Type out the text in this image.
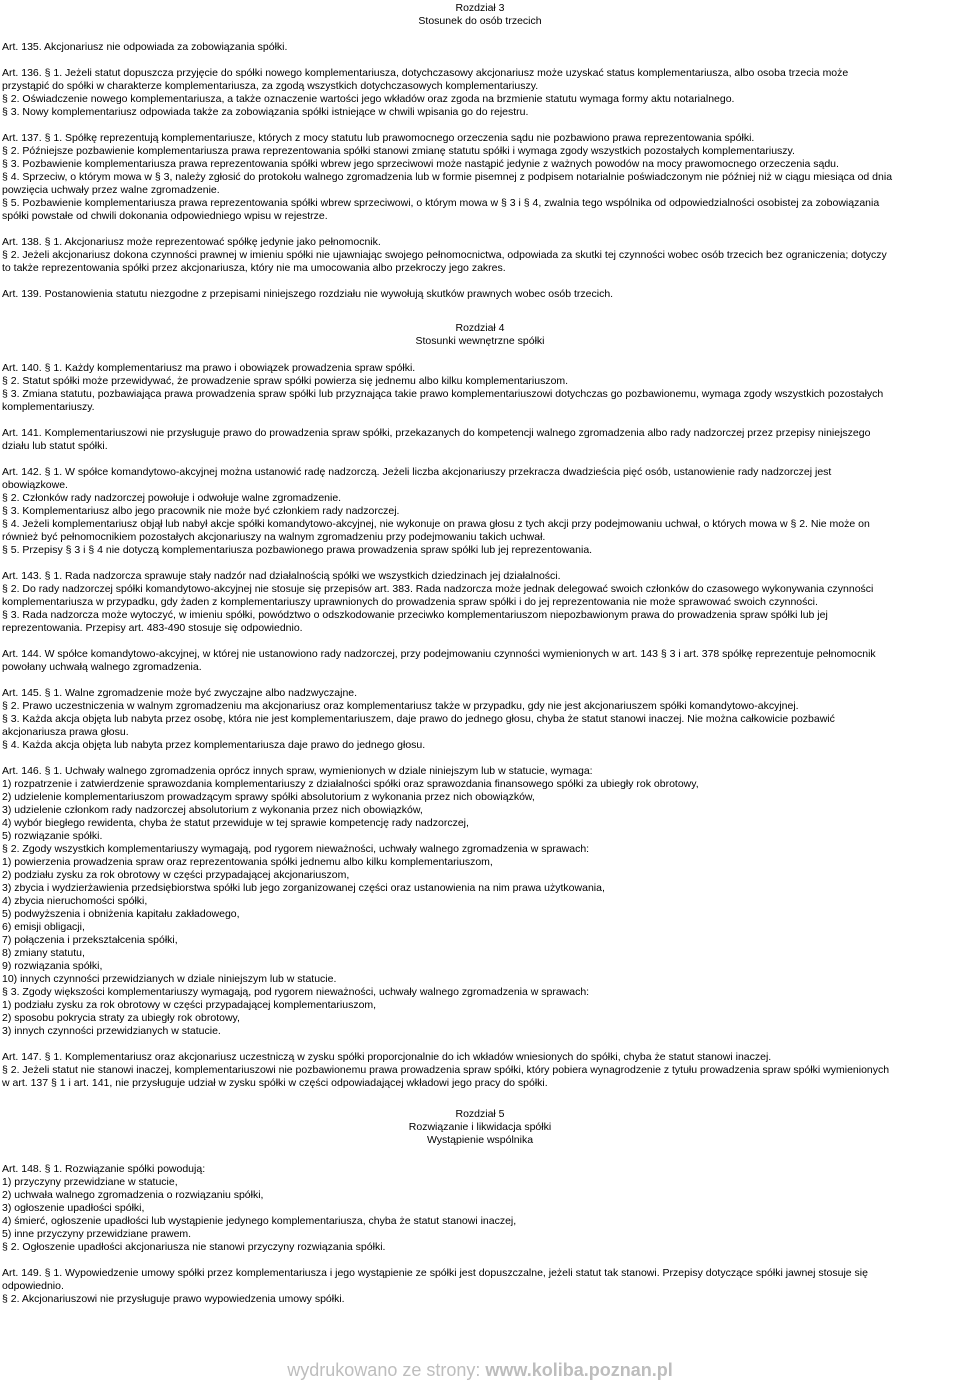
Rozdział 3
Stosunek do osób trzecich
Rozdział 4
Stosunki wewnętrzne spółki
Rozdział 5
Rozwiązanie i likwidacja spółki
Wystąpienie wspólnika
Art. 135. Akcjonariusz nie odpowiada za zobowiązania spółki.
Art. 136. § 1. Jeżeli statut dopuszcza przyjęcie do spółki nowego komplementariusza, dotychczasowy akcjonariusz może uzyskać status komplementariusza, albo osoba trzecia może
przystąpić do spółki w charakterze komplementariusza, za zgodą wszystkich dotychczasowych komplementariuszy.
§ 2. Oświadczenie nowego komplementariusza, a także oznaczenie wartości jego wkładów oraz zgoda na brzmienie statutu wymaga formy aktu notarialnego.
§ 3. Nowy komplementariusz odpowiada także za zobowiązania spółki istniejące w chwili wpisania go do rejestru.
Art. 137. § 1. Spółkę reprezentują komplementariusze, których z mocy statutu lub prawomocnego orzeczenia sądu nie pozbawiono prawa reprezentowania spółki.
§ 2. Późniejsze pozbawienie komplementariusza prawa reprezentowania spółki stanowi zmianę statutu spółki i wymaga zgody wszystkich pozostałych komplementariuszy.
§ 3. Pozbawienie komplementariusza prawa reprezentowania spółki wbrew jego sprzeciwowi może nastąpić jedynie z ważnych powodów na mocy prawomocnego orzeczenia sądu.
§ 4. Sprzeciw, o którym mowa w § 3, należy zgłosić do protokołu walnego zgromadzenia lub w formie pisemnej z podpisem notarialnie poświadczonym nie później niż w ciągu miesiąca od dnia
powzięcia uchwały przez walne zgromadzenie.
§ 5. Pozbawienie komplementariusza prawa reprezentowania spółki wbrew sprzeciwowi, o którym mowa w § 3 i § 4, zwalnia tego wspólnika od odpowiedzialności osobistej za zobowiązania
spółki powstałe od chwili dokonania odpowiedniego wpisu w rejestrze.
Art. 138. § 1. Akcjonariusz może reprezentować spółkę jedynie jako pełnomocnik.
§ 2. Jeżeli akcjonariusz dokona czynności prawnej w imieniu spółki nie ujawniając swojego pełnomocnictwa, odpowiada za skutki tej czynności wobec osób trzecich bez ograniczenia; dotyczy
to także reprezentowania spółki przez akcjonariusza, który nie ma umocowania albo przekroczy jego zakres.
Art. 139. Postanowienia statutu niezgodne z przepisami niniejszego rozdziału nie wywołują skutków prawnych wobec osób trzecich.
Art. 140. § 1. Każdy komplementariusz ma prawo i obowiązek prowadzenia spraw spółki.
§ 2. Statut spółki może przewidywać, że prowadzenie spraw spółki powierza się jednemu albo kilku komplementariuszom.
§ 3. Zmiana statutu, pozbawiająca prawa prowadzenia spraw spółki lub przyznająca takie prawo komplementariuszowi dotychczas go pozbawionemu, wymaga zgody wszystkich pozostałych
komplementariuszy.
Art. 141. Komplementariuszowi nie przysługuje prawo do prowadzenia spraw spółki, przekazanych do kompetencji walnego zgromadzenia albo rady nadzorczej przez przepisy niniejszego
działu lub statut spółki.
Art. 142. § 1. W spółce komandytowo-akcyjnej można ustanowić radę nadzorczą. Jeżeli liczba akcjonariuszy przekracza dwadzieścia pięć osób, ustanowienie rady nadzorczej jest
obowiązkowe.
§ 2. Członków rady nadzorczej powołuje i odwołuje walne zgromadzenie.
§ 3. Komplementariusz albo jego pracownik nie może być członkiem rady nadzorczej.
§ 4. Jeżeli komplementariusz objął lub nabył akcje spółki komandytowo-akcyjnej, nie wykonuje on prawa głosu z tych akcji przy podejmowaniu uchwał, o których mowa w § 2. Nie może on
również być pełnomocnikiem pozostałych akcjonariuszy na walnym zgromadzeniu przy podejmowaniu takich uchwał.
§ 5. Przepisy § 3 i § 4 nie dotyczą komplementariusza pozbawionego prawa prowadzenia spraw spółki lub jej reprezentowania.
Art. 143. § 1. Rada nadzorcza sprawuje stały nadzór nad działalnością spółki we wszystkich dziedzinach jej działalności.
§ 2. Do rady nadzorczej spółki komandytowo-akcyjnej nie stosuje się przepisów art. 383. Rada nadzorcza może jednak delegować swoich członków do czasowego wykonywania czynności
komplementariusza w przypadku, gdy żaden z komplementariuszy uprawnionych do prowadzenia spraw spółki i do jej reprezentowania nie może sprawować swoich czynności.
§ 3. Rada nadzorcza może wytoczyć, w imieniu spółki, powództwo o odszkodowanie przeciwko komplementariuszom niepozbawionym prawa do prowadzenia spraw spółki lub jej
reprezentowania. Przepisy art. 483-490 stosuje się odpowiednio.
Art. 144. W spółce komandytowo-akcyjnej, w której nie ustanowiono rady nadzorczej, przy podejmowaniu czynności wymienionych w art. 143 § 3 i art. 378 spółkę reprezentuje pełnomocnik
powołany uchwałą walnego zgromadzenia.
Art. 145. § 1. Walne zgromadzenie może być zwyczajne albo nadzwyczajne.
§ 2. Prawo uczestniczenia w walnym zgromadzeniu ma akcjonariusz oraz komplementariusz także w przypadku, gdy nie jest akcjonariuszem spółki komandytowo-akcyjnej.
§ 3. Każda akcja objęta lub nabyta przez osobę, która nie jest komplementariuszem, daje prawo do jednego głosu, chyba że statut stanowi inaczej. Nie można całkowicie pozbawić
akcjonariusza prawa głosu.
§ 4. Każda akcja objęta lub nabyta przez komplementariusza daje prawo do jednego głosu.
Art. 146. § 1. Uchwały walnego zgromadzenia oprócz innych spraw, wymienionych w dziale niniejszym lub w statucie, wymaga:
1) rozpatrzenie i zatwierdzenie sprawozdania komplementariuszy z działalności spółki oraz sprawozdania finansowego spółki za ubiegły rok obrotowy,
2) udzielenie komplementariuszom prowadzącym sprawy spółki absolutorium z wykonania przez nich obowiązków,
3) udzielenie członkom rady nadzorczej absolutorium z wykonania przez nich obowiązków,
4) wybór biegłego rewidenta, chyba że statut przewiduje w tej sprawie kompetencję rady nadzorczej,
5) rozwiązanie spółki.
§ 2. Zgody wszystkich komplementariuszy wymagają, pod rygorem nieważności, uchwały walnego zgromadzenia w sprawach:
1) powierzenia prowadzenia spraw oraz reprezentowania spółki jednemu albo kilku komplementariuszom,
2) podziału zysku za rok obrotowy w części przypadającej akcjonariuszom,
3) zbycia i wydzierżawienia przedsiębiorstwa spółki lub jego zorganizowanej części oraz ustanowienia na nim prawa użytkowania,
4) zbycia nieruchomości spółki,
5) podwyższenia i obniżenia kapitału zakładowego,
6) emisji obligacji,
7) połączenia i przekształcenia spółki,
8) zmiany statutu,
9) rozwiązania spółki,
10) innych czynności przewidzianych w dziale niniejszym lub w statucie.
§ 3. Zgody większości komplementariuszy wymagają, pod rygorem nieważności, uchwały walnego zgromadzenia w sprawach:
1) podziału zysku za rok obrotowy w części przypadającej komplementariuszom,
2) sposobu pokrycia straty za ubiegły rok obrotowy,
3) innych czynności przewidzianych w statucie.
Art. 147. § 1. Komplementariusz oraz akcjonariusz uczestniczą w zysku spółki proporcjonalnie do ich wkładów wniesionych do spółki, chyba że statut stanowi inaczej.
§ 2. Jeżeli statut nie stanowi inaczej, komplementariuszowi nie pozbawionemu prawa prowadzenia spraw spółki, który pobiera wynagrodzenie z tytułu prowadzenia spraw spółki wymienionych
w art. 137 § 1 i art. 141, nie przysługuje udział w zysku spółki w części odpowiadającej wkładowi jego pracy do spółki.
Art. 148. § 1. Rozwiązanie spółki powodują:
1) przyczyny przewidziane w statucie,
2) uchwała walnego zgromadzenia o rozwiązaniu spółki,
3) ogłoszenie upadłości spółki,
4) śmierć, ogłoszenie upadłości lub wystąpienie jedynego komplementariusza, chyba że statut stanowi inaczej,
5) inne przyczyny przewidziane prawem.
§ 2. Ogłoszenie upadłości akcjonariusza nie stanowi przyczyny rozwiązania spółki.
Art. 149. § 1. Wypowiedzenie umowy spółki przez komplementariusza i jego wystąpienie ze spółki jest dopuszczalne, jeżeli statut tak stanowi. Przepisy dotyczące spółki jawnej stosuje się
odpowiednio.
§ 2. Akcjonariuszowi nie przysługuje prawo wypowiedzenia umowy spółki.
wydrukowano ze strony: www.koliba.poznan.pl
